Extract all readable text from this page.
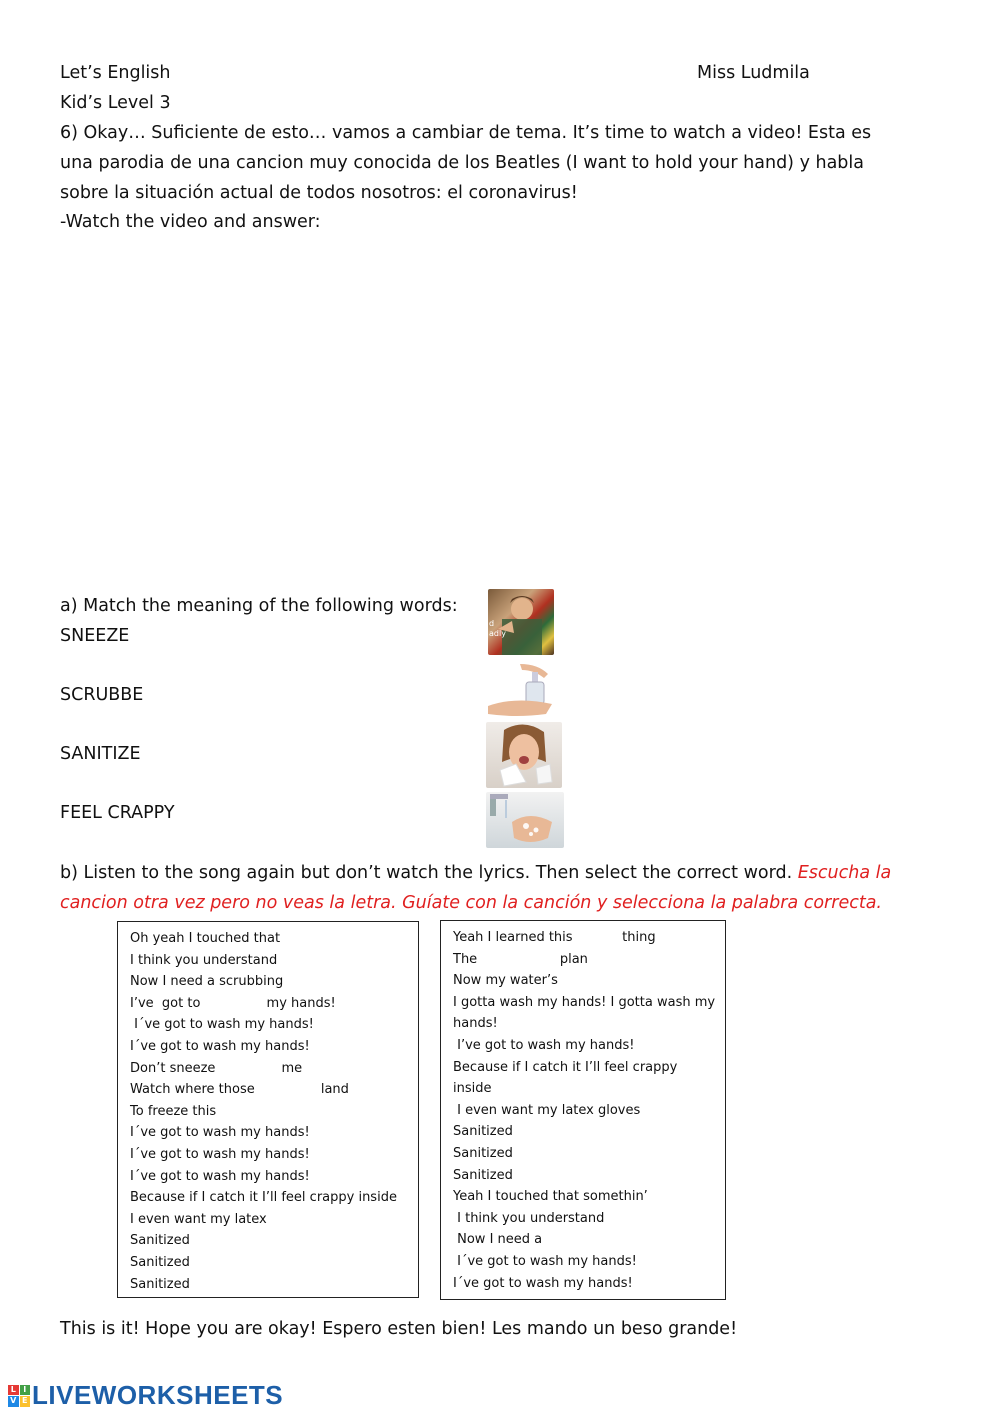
Let’s English	Miss Ludmila
Kid’s Level 3
6) Okay… Suficiente de esto… vamos a cambiar de tema. It’s time to watch a video! Esta es una parodia de una cancion muy conocida de los Beatles (I want to hold your hand) y habla sobre la situación actual de todos nosotros: el coronavirus!
-Watch the video and answer:
a) Match the meaning of the following words:
SNEEZE
SCRUBBE
SANITIZE
FEEL CRAPPY
d
adly
b) Listen to the song again but don’t watch the lyrics. Then select the correct word. Escucha la cancion otra vez pero no veas la letra. Guíate con la canción y selecciona la palabra correcta.
Oh yeah I touched that
I think you understand
Now I need a scrubbing
I’ve  got to                my hands!
I´ve got to wash my hands!
I´ve got to wash my hands!
Don’t sneeze                me
Watch where those                land
To freeze this
I´ve got to wash my hands!
I´ve got to wash my hands!
I´ve got to wash my hands!
Because if I catch it I’ll feel crappy inside
I even want my latex
Sanitized
Sanitized
Sanitized
Yeah I learned this            thing
The                    plan
Now my water’s
I gotta wash my hands! I gotta wash my
hands!
I’ve got to wash my hands!
Because if I catch it I’ll feel crappy
inside
I even want my latex gloves
Sanitized
Sanitized
Sanitized
Yeah I touched that somethin’
I think you understand
Now I need a
I´ve got to wash my hands!
I´ve got to wash my hands!
This is it! Hope you are okay! Espero esten bien! Les mando un beso grande!
L I
V E LIVEWORKSHEETS
